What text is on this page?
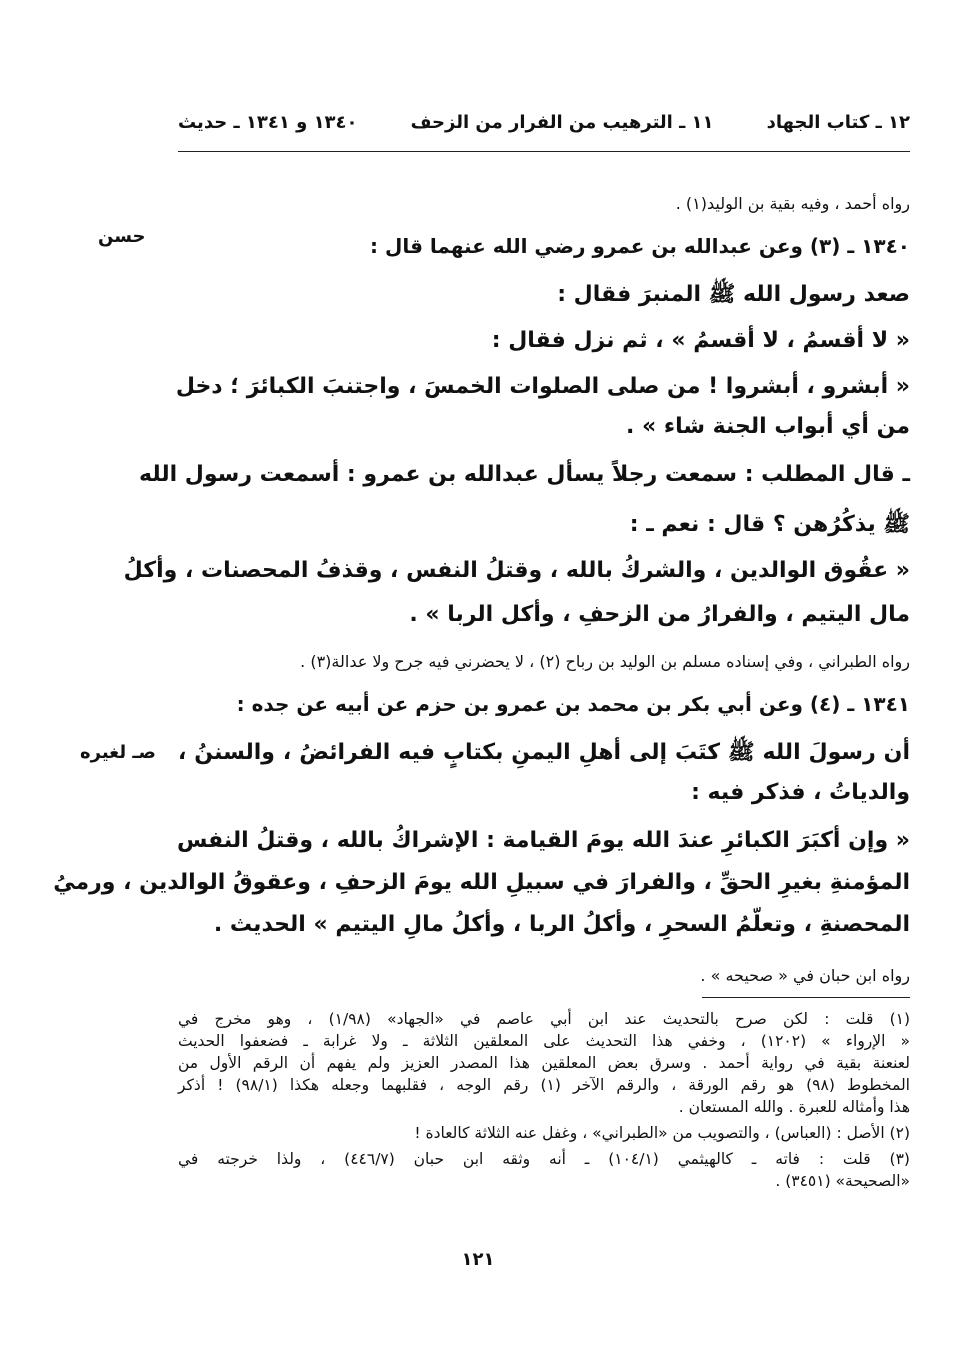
١٢ ـ كتاب الجهاد
١١ ـ الترهيب من الفرار من الزحف
١٣٤٠ و ١٣٤١ ـ حديث
حسن
صـ لغيره
رواه أحمد ، وفيه بقية بن الوليد(١) .
١٣٤٠ ـ (٣) وعن عبدالله بن عمرو رضي الله عنهما قال :
صعد رسول الله ﷺ المنبرَ فقال :
« لا أقسمُ ، لا أقسمُ » ، ثم نزل فقال :
« أبشرو ، أبشروا ! من صلى الصلوات الخمسَ ، واجتنبَ الكبائرَ ؛ دخل
من أي أبواب الجنة شاء » .
ـ قال المطلب : سمعت رجلاً يسأل عبدالله بن عمرو : أسمعت رسول الله
ﷺ يذكُرُهن ؟ قال : نعم ـ :
« عقُوق الوالدين ، والشركُ بالله ، وقتلُ النفس ، وقذفُ المحصنات ، وأكلُ
مال اليتيم ، والفرارُ من الزحفِ ، وأكل الربا » .
رواه الطبراني ، وفي إسناده مسلم بن الوليد بن رباح (٢) ، لا يحضرني فيه جرح ولا عدالة(٣) .
١٣٤١ ـ (٤) وعن أبي بكر بن محمد بن عمرو بن حزم عن أبيه عن جده :
أن رسولَ الله ﷺ كتَبَ إلى أهلِ اليمنِ بكتابٍ فيه الفرائضُ ، والسننُ ،
والدياتُ ، فذكر فيه :
« وإن أكبَرَ الكبائرِ عندَ الله يومَ القيامة : الإشراكُ بالله ، وقتلُ النفس
المؤمنةِ بغيرِ الحقِّ ، والفرارَ في سبيلِ الله يومَ الزحفِ ، وعقوقُ الوالدين ، ورميُ
المحصنةِ ، وتعلّمُ السحرِ ، وأكلُ الربا ، وأكلُ مالِ اليتيم » الحديث .
رواه ابن حبان في « صحيحه » .
(١) قلت : لكن صرح بالتحديث عند ابن أبي عاصم في «الجهاد» (١/٩٨) ، وهو مخرج في
« الإرواء » (١٢٠٢) ، وخفي هذا التحديث على المعلقين الثلاثة ـ ولا غرابة ـ فضعفوا الحديث
لعنعنة بقية في رواية أحمد . وسرق بعض المعلقين هذا المصدر العزيز ولم يفهم أن الرقم الأول من
المخطوط (٩٨) هو رقم الورقة ، والرقم الآخر (١) رقم الوجه ، فقلبهما وجعله هكذا (٩٨/١) ! أذكر
هذا وأمثاله للعبرة . والله المستعان .
(٢) الأصل : (العباس) ، والتصويب من «الطبراني» ، وغفل عنه الثلاثة كالعادة !
(٣) قلت : فاته ـ كالهيثمي (١٠٤/١) ـ أنه وثقه ابن حبان (٤٤٦/٧) ، ولذا خرجته في
«الصحيحة» (٣٤٥١) .
١٢١
